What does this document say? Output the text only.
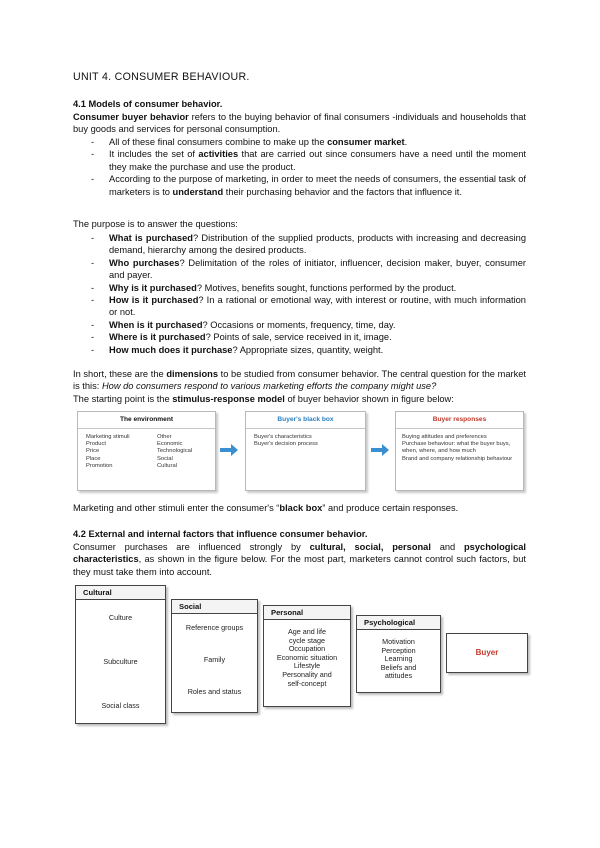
UNIT 4. CONSUMER BEHAVIOUR.
4.1 Models of consumer behavior.
Consumer buyer behavior refers to the buying behavior of final consumers -individuals and households that buy goods and services for personal consumption.
- All of these final consumers combine to make up the consumer market.
- It includes the set of activities that are carried out since consumers have a need until the moment they make the purchase and use the product.
- According to the purpose of marketing, in order to meet the needs of consumers, the essential task of marketers is to understand their purchasing behavior and the factors that influence it.
The purpose is to answer the questions:
- What is purchased? Distribution of the supplied products, products with increasing and decreasing demand, hierarchy among the desired products.
- Who purchases? Delimitation of the roles of initiator, influencer, decision maker, buyer, consumer and payer.
- Why is it purchased? Motives, benefits sought, functions performed by the product.
- How is it purchased? In a rational or emotional way, with interest or routine, with much information or not.
- When is it purchased? Occasions or moments, frequency, time, day.
- Where is it purchased? Points of sale, service received in it, image.
- How much does it purchase? Appropriate sizes, quantity, weight.
In short, these are the dimensions to be studied from consumer behavior. The central question for the market is this: How do consumers respond to various marketing efforts the company might use?
The starting point is the stimulus-response model of buyer behavior shown in figure below:
The environment
Marketing stimuli
Product
Price
Place
Promotion
Other
Economic
Technological
Social
Cultural
Buyer's black box
Buyer's characteristics
Buyer's decision process
Buyer responses
Buying attitudes and preferences
Purchase behaviour: what the buyer buys,
when, where, and how much
Brand and company relationship behaviour
Marketing and other stimuli enter the consumer's “black box” and produce certain responses.
4.2 External and internal factors that influence consumer behavior.
Consumer purchases are influenced strongly by cultural, social, personal and psychological characteristics, as shown in the figure below. For the most part, marketers cannot control such factors, but they must take them into account.
Cultural
Culture
Subculture
Social class
Social
Reference groups
Family
Roles and status
Personal
Age and life
cycle stage
Occupation
Economic situation
Lifestyle
Personality and
self-concept
Psychological
Motivation
Perception
Learning
Beliefs and
attitudes
Buyer
